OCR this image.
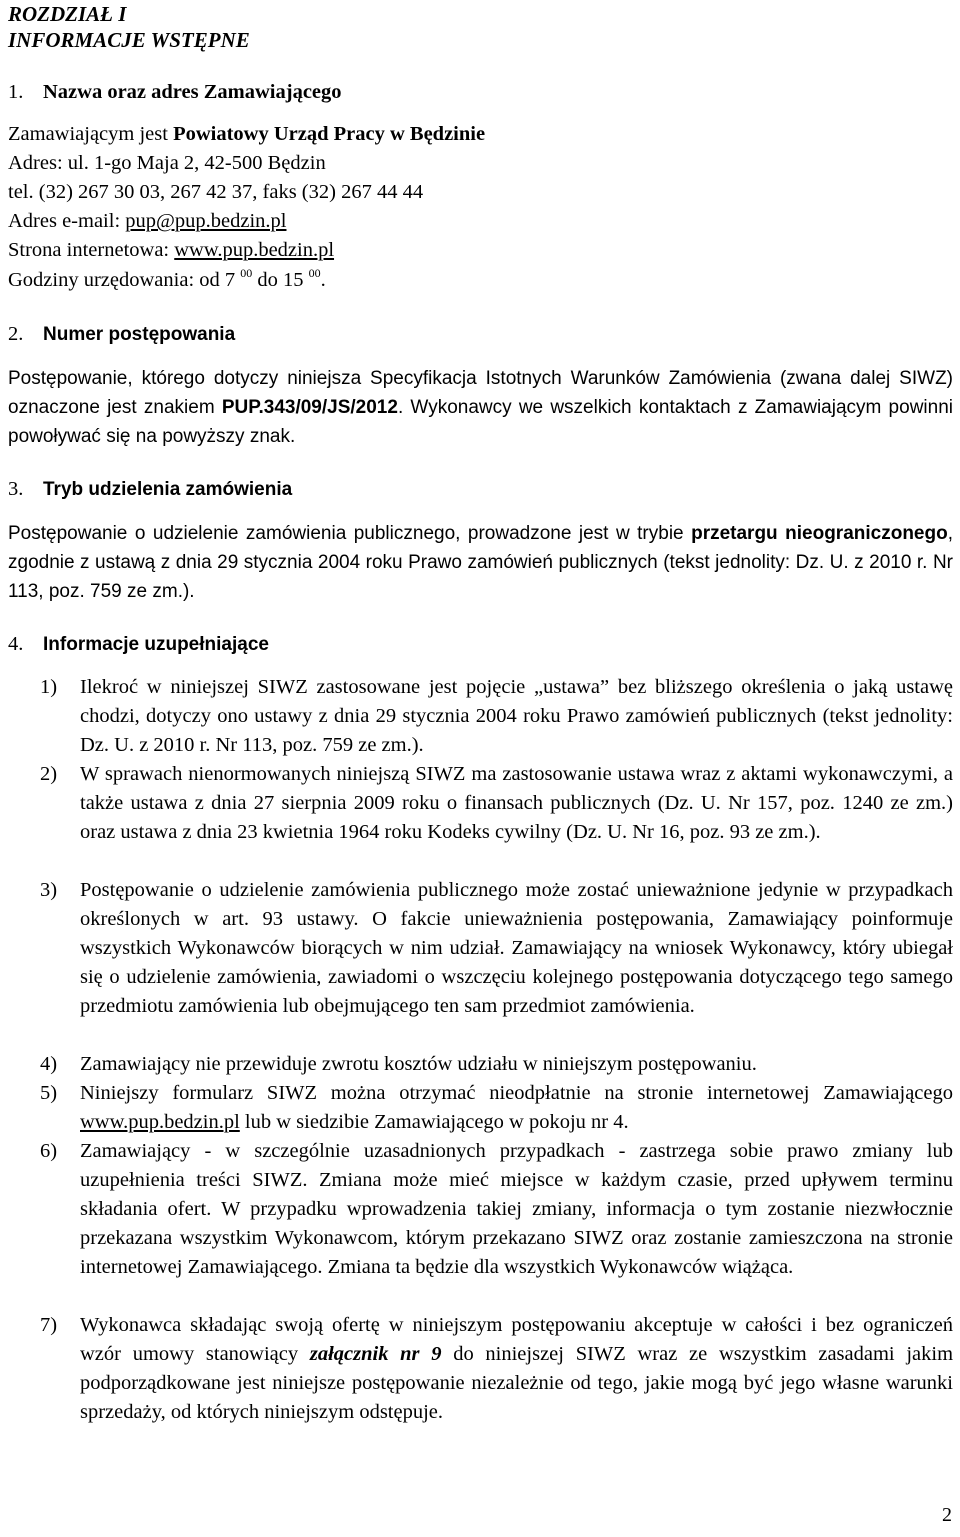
ROZDZIAŁ I
INFORMACJE WSTĘPNE
1. Nazwa oraz adres Zamawiającego
Zamawiającym jest Powiatowy Urząd Pracy w Będzinie
Adres: ul. 1-go Maja 2, 42-500 Będzin
tel. (32) 267 30 03, 267 42 37, faks (32) 267 44 44
Adres e-mail: pup@pup.bedzin.pl
Strona internetowa: www.pup.bedzin.pl
Godziny urzędowania: od 7 $^{00}$ do 15 $^{00}$.
2. Numer postępowania
Postępowanie, którego dotyczy niniejsza Specyfikacja Istotnych Warunków Zamówienia (zwana dalej SIWZ) oznaczone jest znakiem PUP.343/09/JS/2012. Wykonawcy we wszelkich kontaktach z Zamawiającym powinni powoływać się na powyższy znak.
3. Tryb udzielenia zamówienia
Postępowanie o udzielenie zamówienia publicznego, prowadzone jest w trybie przetargu nieograniczonego, zgodnie z ustawą z dnia 29 stycznia 2004 roku Prawo zamówień publicznych (tekst jednolity: Dz. U. z 2010 r. Nr 113, poz. 759 ze zm.).
4. Informacje uzupełniające
1)	Ilekroć w niniejszej SIWZ zastosowane jest pojęcie „ustawa” bez bliższego określenia o jaką ustawę chodzi, dotyczy ono ustawy z dnia 29 stycznia 2004 roku Prawo zamówień publicznych (tekst jednolity: Dz. U. z 2010 r. Nr 113, poz. 759 ze zm.).
2)	W sprawach nienormowanych niniejszą SIWZ ma zastosowanie ustawa wraz z aktami wykonawczymi, a także ustawa z dnia 27 sierpnia 2009 roku o finansach publicznych (Dz. U. Nr 157, poz. 1240 ze zm.) oraz ustawa z dnia 23 kwietnia 1964 roku Kodeks cywilny (Dz. U. Nr 16, poz. 93 ze zm.).
3)	Postępowanie o udzielenie zamówienia publicznego może zostać unieważnione jedynie w przypadkach określonych w art. 93 ustawy. O fakcie unieważnienia postępowania, Zamawiający poinformuje wszystkich Wykonawców biorących w nim udział. Zamawiający na wniosek Wykonawcy, który ubiegał się o udzielenie zamówienia, zawiadomi o wszczęciu kolejnego postępowania dotyczącego tego samego przedmiotu zamówienia lub obejmującego ten sam przedmiot zamówienia.
4)	Zamawiający nie przewiduje zwrotu kosztów udziału w niniejszym postępowaniu.
5)	Niniejszy formularz SIWZ można otrzymać nieodpłatnie na stronie internetowej Zamawiającego www.pup.bedzin.pl lub w siedzibie Zamawiającego w pokoju nr 4.
6)	Zamawiający - w szczególnie uzasadnionych przypadkach - zastrzega sobie prawo zmiany lub uzupełnienia treści SIWZ. Zmiana może mieć miejsce w każdym czasie, przed upływem terminu składania ofert. W przypadku wprowadzenia takiej zmiany, informacja o tym zostanie niezwłocznie przekazana wszystkim Wykonawcom, którym przekazano SIWZ oraz zostanie zamieszczona na stronie internetowej Zamawiającego. Zmiana ta będzie dla wszystkich Wykonawców wiążąca.
7)	Wykonawca składając swoją ofertę w niniejszym postępowaniu akceptuje w całości i bez ograniczeń wzór umowy stanowiący załącznik nr 9 do niniejszej SIWZ wraz ze wszystkim zasadami jakim podporządkowane jest niniejsze postępowanie niezależnie od tego, jakie mogą być jego własne warunki sprzedaży, od których niniejszym odstępuje.
2
